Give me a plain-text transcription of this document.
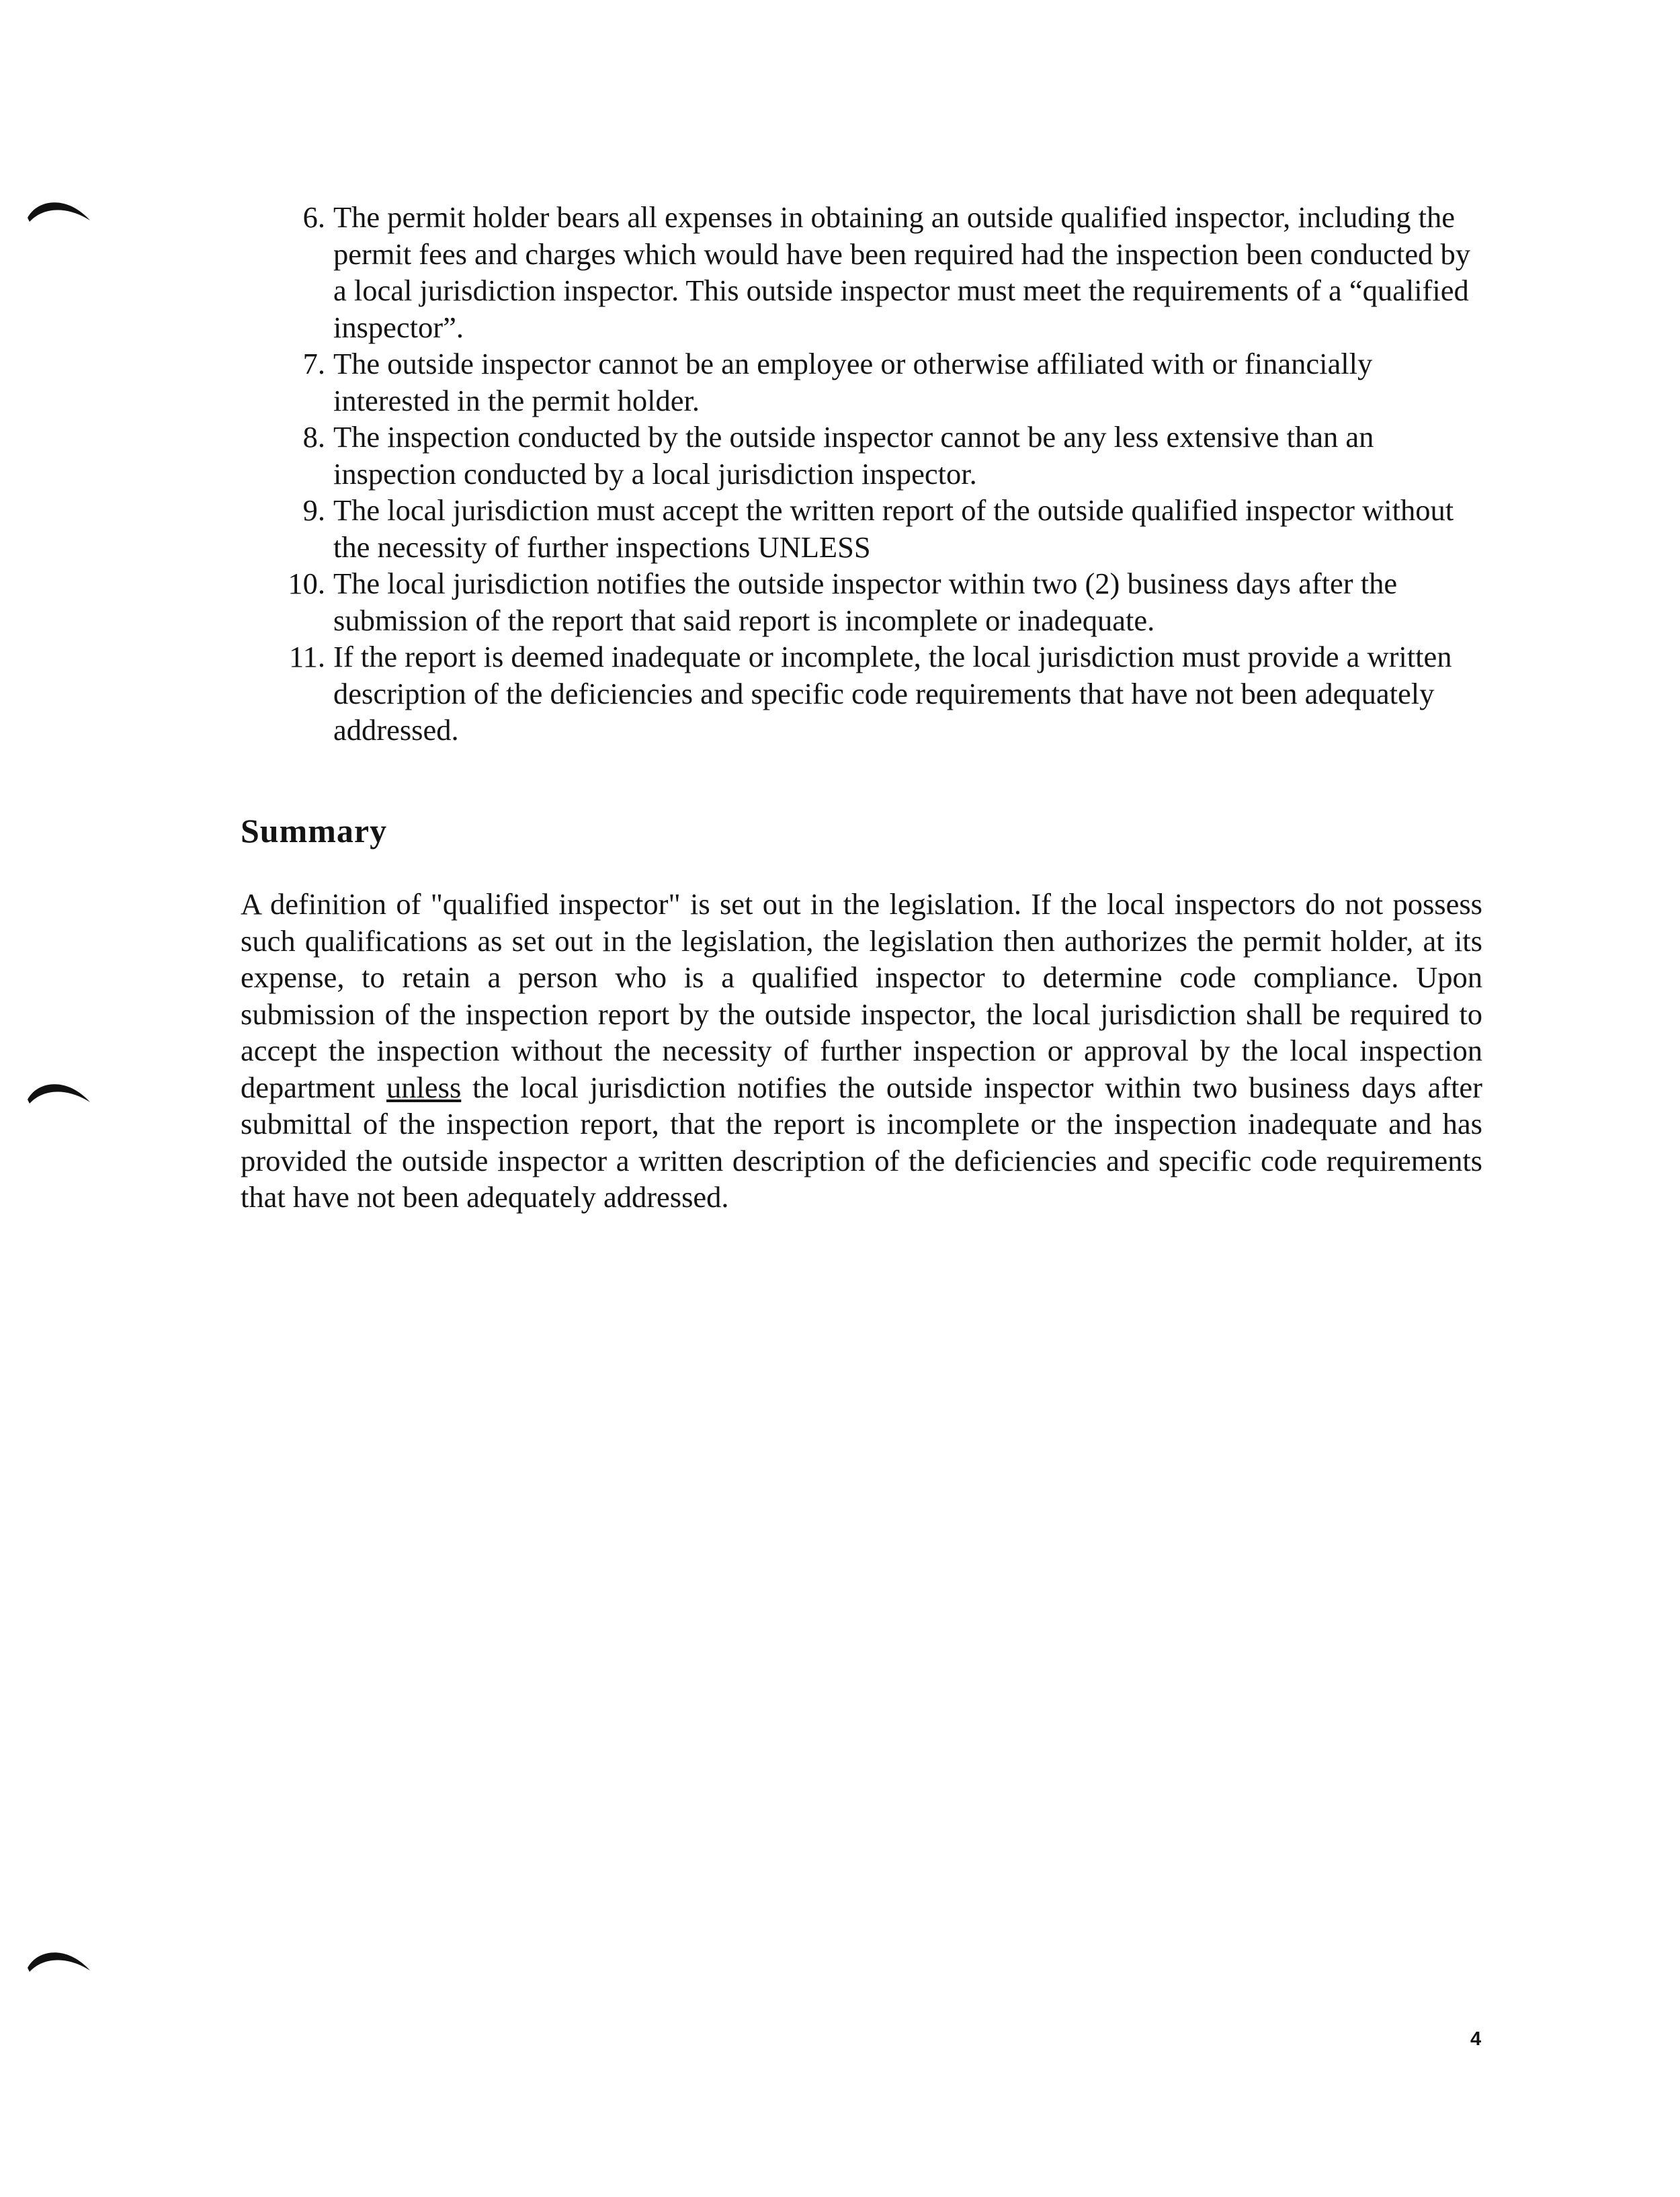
6. The permit holder bears all expenses in obtaining an outside qualified inspector, including the permit fees and charges which would have been required had the inspection been conducted by a local jurisdiction inspector. This outside inspector must meet the requirements of a “qualified inspector”.
7. The outside inspector cannot be an employee or otherwise affiliated with or financially interested in the permit holder.
8. The inspection conducted by the outside inspector cannot be any less extensive than an inspection conducted by a local jurisdiction inspector.
9. The local jurisdiction must accept the written report of the outside qualified inspector without the necessity of further inspections UNLESS
10. The local jurisdiction notifies the outside inspector within two (2) business days after the submission of the report that said report is incomplete or inadequate.
11. If the report is deemed inadequate or incomplete, the local jurisdiction must provide a written description of the deficiencies and specific code requirements that have not been adequately addressed.
Summary

A definition of "qualified inspector" is set out in the legislation. If the local inspectors do not possess such qualifications as set out in the legislation, the legislation then authorizes the permit holder, at its expense, to retain a person who is a qualified inspector to determine code compliance. Upon submission of the inspection report by the outside inspector, the local jurisdiction shall be required to accept the inspection without the necessity of further inspection or approval by the local inspection department unless the local jurisdiction notifies the outside inspector within two business days after submittal of the inspection report, that the report is incomplete or the inspection inadequate and has provided the outside inspector a written description of the deficiencies and specific code requirements that have not been adequately addressed.

4
